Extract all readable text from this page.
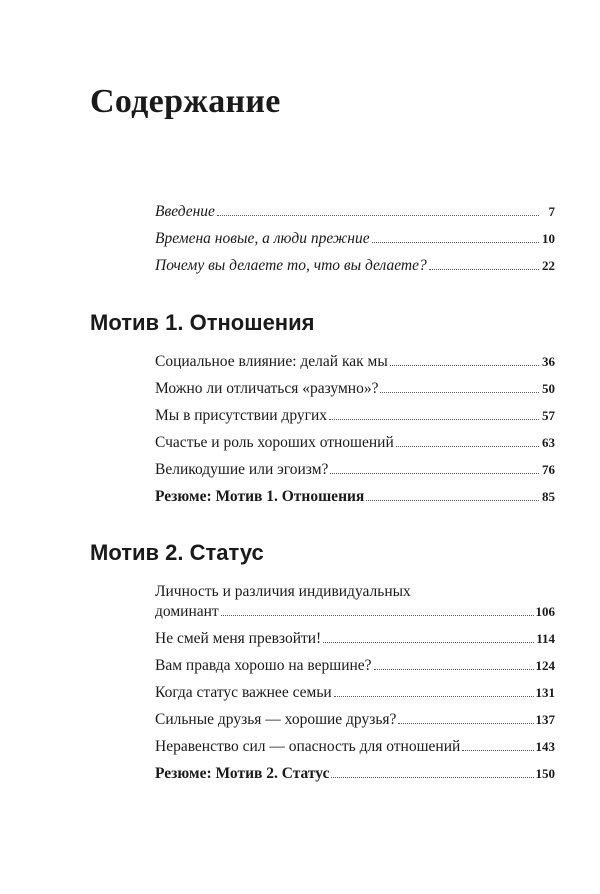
Содержание
Введение	7
Времена новые, а люди прежние	10
Почему вы делаете то, что вы делаете?	22
Мотив 1. Отношения
Социальное влияние: делай как мы	36
Можно ли отличаться «разумно»?	50
Мы в присутствии других	57
Счастье и роль хороших отношений	63
Великодушие или эгоизм?	76
Резюме: Мотив 1. Отношения	85
Мотив 2. Статус
Личность и различия индивидуальных
доминант	106
Не смей меня превзойти!	114
Вам правда хорошо на вершине?	124
Когда статус важнее семьи	131
Сильные друзья — хорошие друзья?	137
Неравенство сил — опасность для отношений	143
Резюме: Мотив 2. Статус	150
